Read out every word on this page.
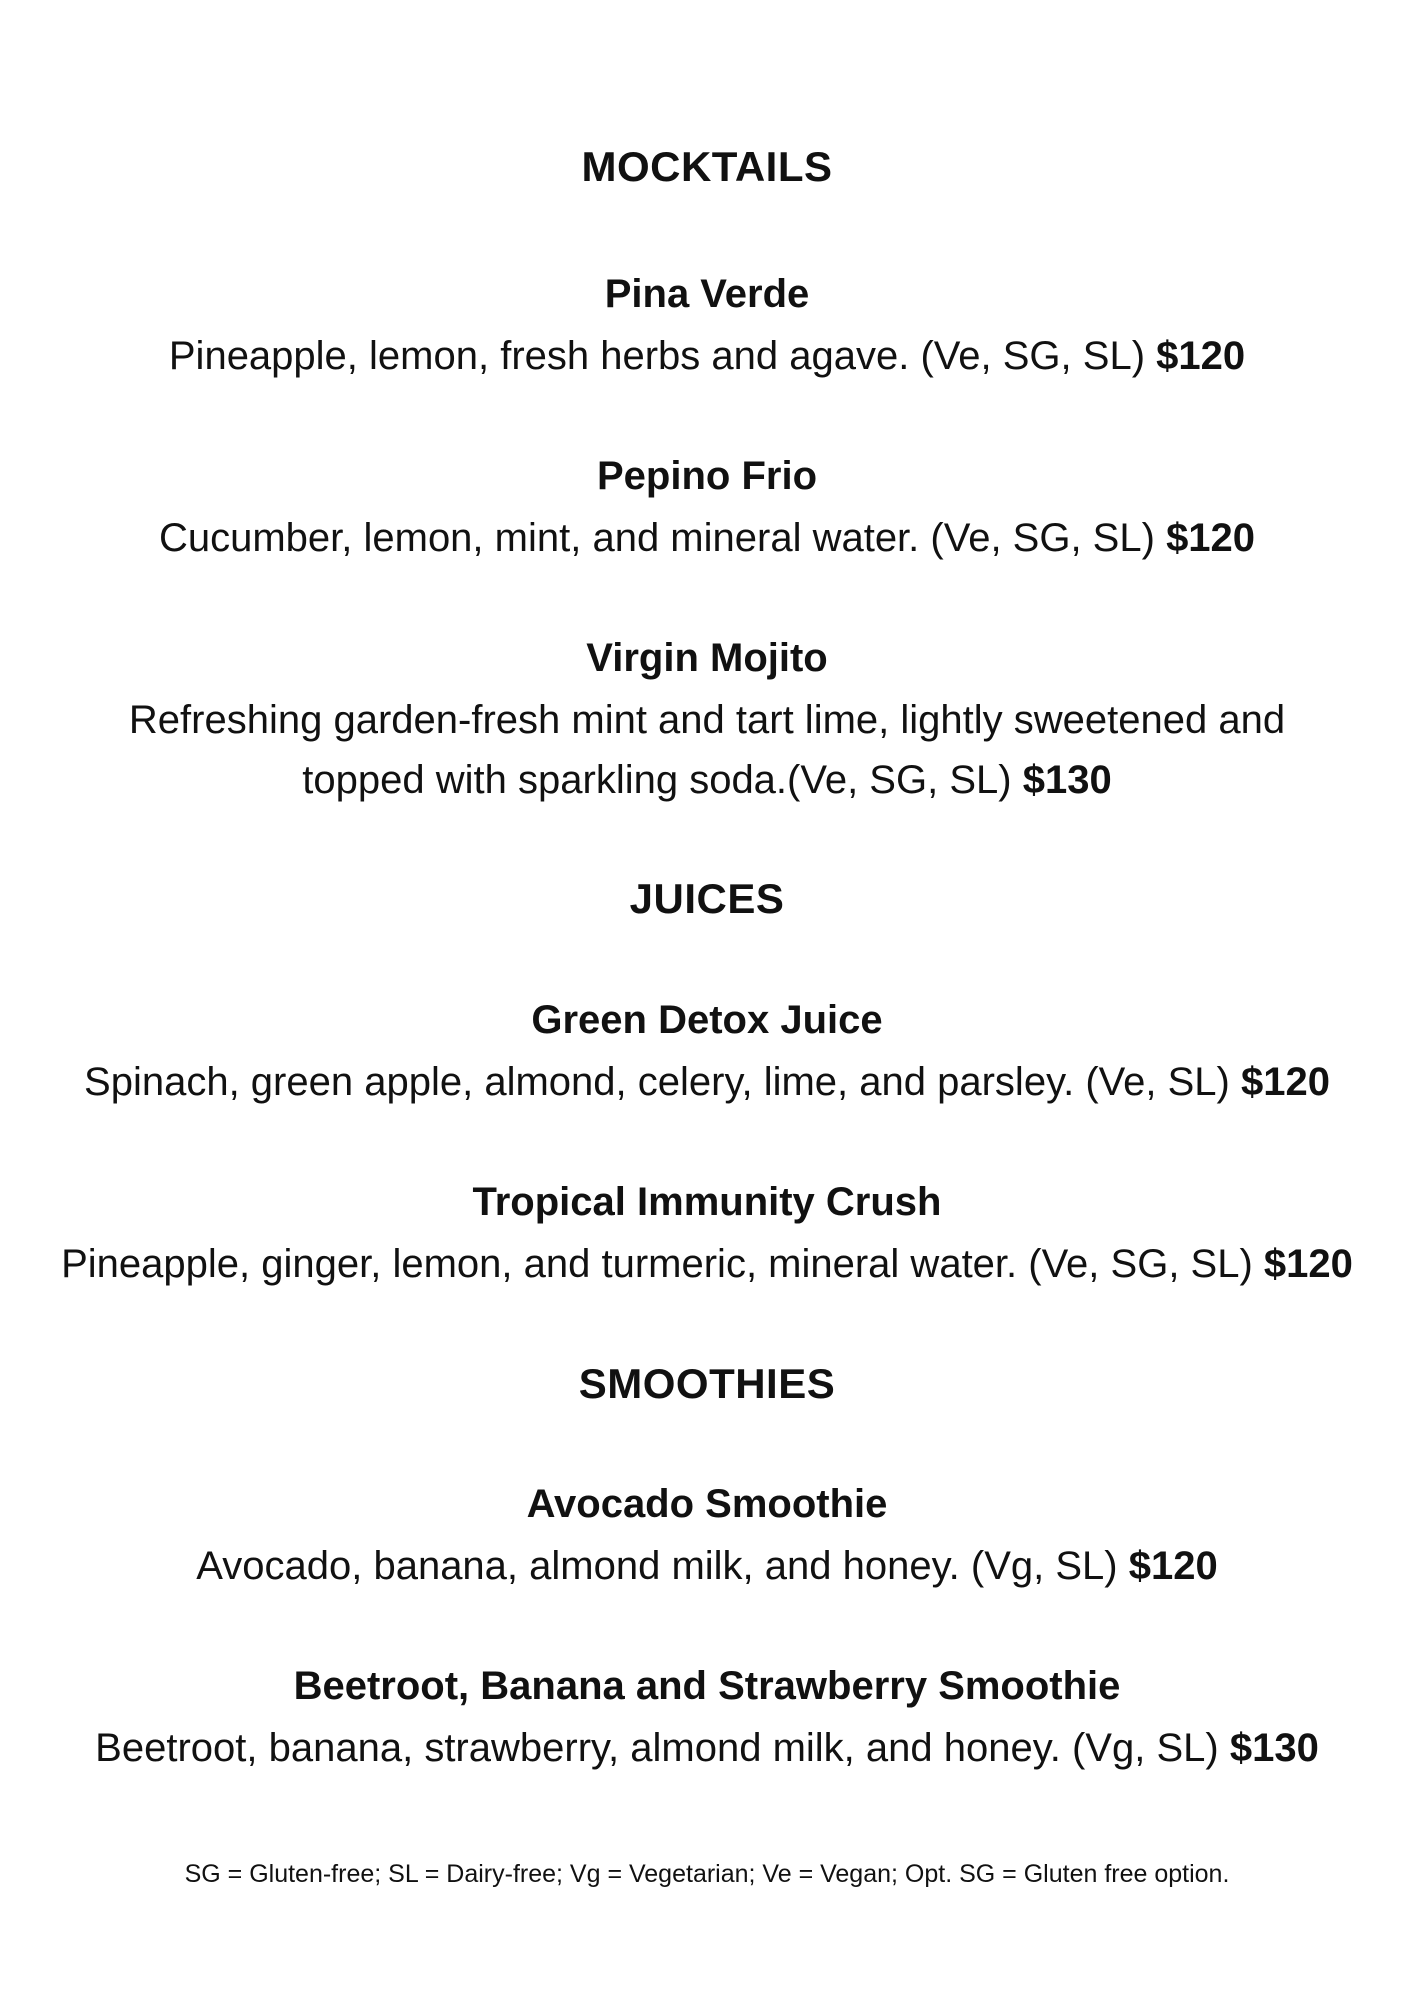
MOCKTAILS
Pina Verde

Pineapple, lemon, fresh herbs and agave. (Ve, SG, SL) $120

Pepino Frio

Cucumber, lemon, mint, and mineral water. (Ve, SG, SL) $120

Virgin Mojito

Refreshing garden-fresh mint and tart lime, lightly sweetened and

topped with sparkling soda.(Ve, SG, SL) $130

JUICES
Green Detox Juice

Spinach, green apple, almond, celery, lime, and parsley. (Ve, SL) $120

Tropical Immunity Crush

Pineapple, ginger, lemon, and turmeric, mineral water. (Ve, SG, SL) $120

SMOOTHIES
Avocado Smoothie

Avocado, banana, almond milk, and honey. (Vg, SL) $120

Beetroot, Banana and Strawberry Smoothie

Beetroot, banana, strawberry, almond milk, and honey. (Vg, SL) $130

SG = Gluten-free; SL = Dairy-free; Vg = Vegetarian; Ve = Vegan; Opt. SG = Gluten free option.
